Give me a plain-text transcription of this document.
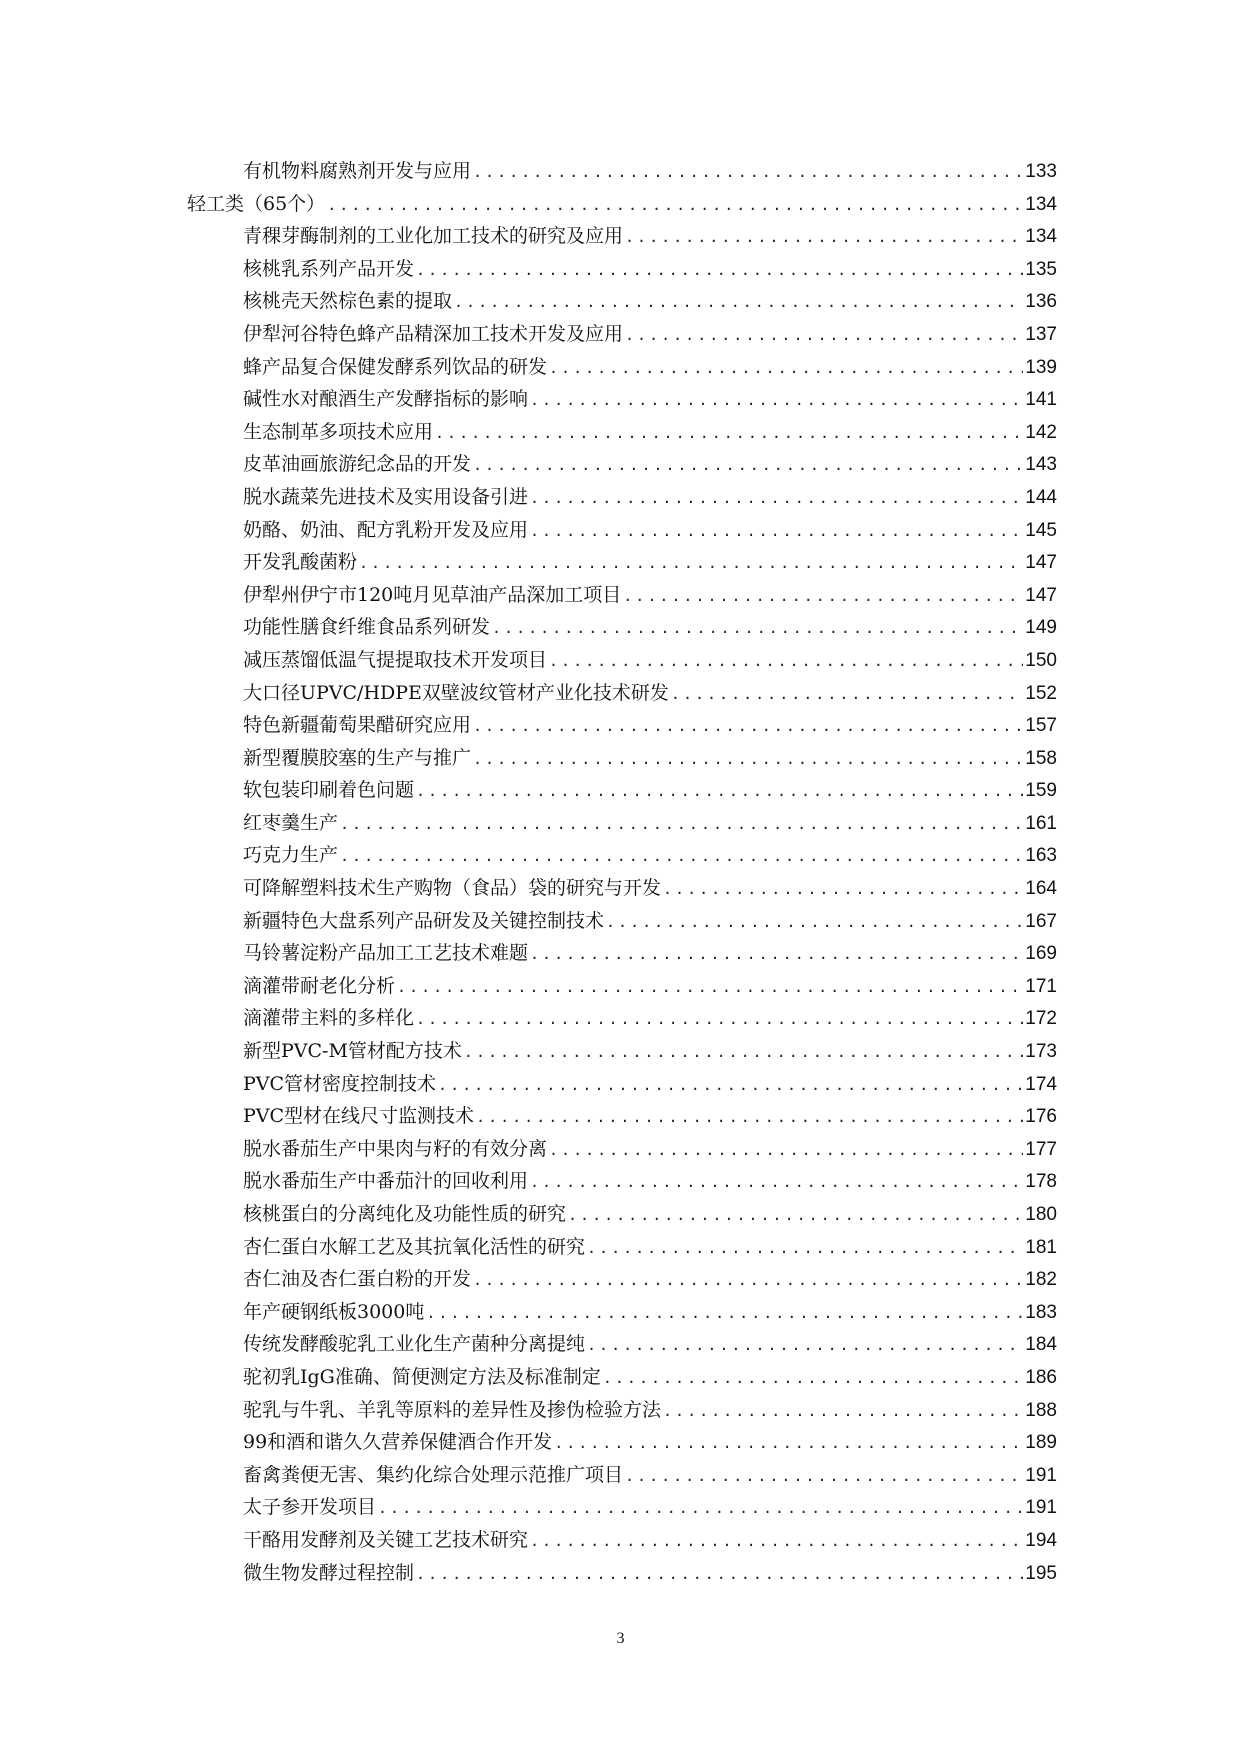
有机物料腐熟剂开发与应用 .....	133
轻工类（65个） .....	134
青稞芽酶制剂的工业化加工技术的研究及应用 .....	134
核桃乳系列产品开发 .....	135
核桃壳天然棕色素的提取 .....	136
伊犁河谷特色蜂产品精深加工技术开发及应用 .....	137
蜂产品复合保健发酵系列饮品的研发 .....	139
碱性水对酿酒生产发酵指标的影响 .....	141
生态制革多项技术应用 .....	142
皮革油画旅游纪念品的开发 .....	143
脱水蔬菜先进技术及实用设备引进 .....	144
奶酪、奶油、配方乳粉开发及应用 .....	145
开发乳酸菌粉 .....	147
伊犁州伊宁市120吨月见草油产品深加工项目 .....	147
功能性膳食纤维食品系列研发 .....	149
减压蒸馏低温气提提取技术开发项目 .....	150
大口径UPVC/HDPE双壁波纹管材产业化技术研发 .....	152
特色新疆葡萄果醋研究应用 .....	157
新型覆膜胶塞的生产与推广 .....	158
软包装印刷着色问题 .....	159
红枣羹生产 .....	161
巧克力生产 .....	163
可降解塑料技术生产购物（食品）袋的研究与开发 .....	164
新疆特色大盘系列产品研发及关键控制技术 .....	167
马铃薯淀粉产品加工工艺技术难题 .....	169
滴灌带耐老化分析 .....	171
滴灌带主料的多样化 .....	172
新型PVC-M管材配方技术 .....	173
PVC管材密度控制技术 .....	174
PVC型材在线尺寸监测技术 .....	176
脱水番茄生产中果肉与籽的有效分离 .....	177
脱水番茄生产中番茄汁的回收利用 .....	178
核桃蛋白的分离纯化及功能性质的研究 .....	180
杏仁蛋白水解工艺及其抗氧化活性的研究 .....	181
杏仁油及杏仁蛋白粉的开发 .....	182
年产硬钢纸板3000吨 .....	183
传统发酵酸驼乳工业化生产菌种分离提纯 .....	184
驼初乳IgG准确、简便测定方法及标准制定 .....	186
驼乳与牛乳、羊乳等原料的差异性及掺伪检验方法 .....	188
99和酒和谐久久营养保健酒合作开发 .....	189
畜禽粪便无害、集约化综合处理示范推广项目 .....	191
太子参开发项目 .....	191
干酪用发酵剂及关键工艺技术研究 .....	194
微生物发酵过程控制 .....	195
3
